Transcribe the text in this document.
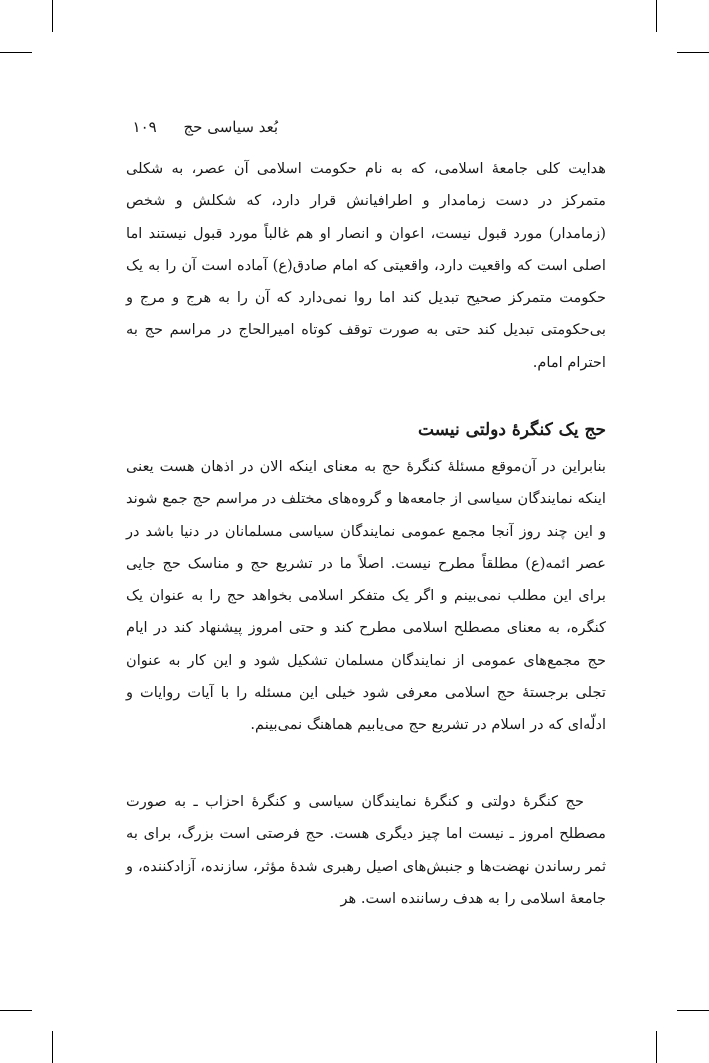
بُعد سیاسی حج ۱۰۹

هدایت کلی جامعهٔ اسلامی، که به نام حکومت اسلامی آن عصر، به شکلی متمرکز در دست زمامدار و اطرافیانش قرار دارد، که شکلش و شخص (زمامدار) مورد قبول نیست، اعوان و انصار او هم غالباً مورد قبول نیستند اما اصلی است که واقعیت دارد، واقعیتی که امام صادق(ع) آماده است آن را به یک حکومت متمرکز صحیح تبدیل کند اما روا نمی‌دارد که آن را به هرج و مرج و بی‌حکومتی تبدیل کند حتی به صورت توقف کوتاه امیرالحاج در مراسم حج به احترام امام.

حج یک کنگرهٔ دولتی نیست

بنابراین در آن‌موقع مسئلهٔ کنگرهٔ حج به معنای اینکه الان در اذهان هست یعنی اینکه نمایندگان سیاسی از جامعه‌ها و گروه‌های مختلف در مراسم حج جمع شوند و این چند روز آنجا مجمع عمومی نمایندگان سیاسی مسلمانان در دنیا باشد در عصر ائمه(ع) مطلقاً مطرح نیست. اصلاً ما در تشریع حج و مناسک حج جایی برای این مطلب نمی‌بینم و اگر یک متفکر اسلامی بخواهد حج را به عنوان یک کنگره، به معنای مصطلح اسلامی مطرح کند و حتی امروز پیشنهاد کند در ایام حج مجمع‌های عمومی از نمایندگان مسلمان تشکیل شود و این کار به عنوان تجلی برجستهٔ حج اسلامی معرفی شود خیلی این مسئله را با آیات روایات و ادلّه‌ای که در اسلام در تشریع حج می‌یابیم هماهنگ نمی‌بینم.

حج کنگرهٔ دولتی و کنگرهٔ نمایندگان سیاسی و کنگرهٔ احزاب ـ به صورت مصطلح امروز ـ نیست اما چیز دیگری هست. حج فرصتی است بزرگ، برای به ثمر رساندن نهضت‌ها و جنبش‌های اصیل رهبری شدهٔ مؤثر، سازنده، آزادکننده، و جامعهٔ اسلامی را به هدف رساننده است. هر
